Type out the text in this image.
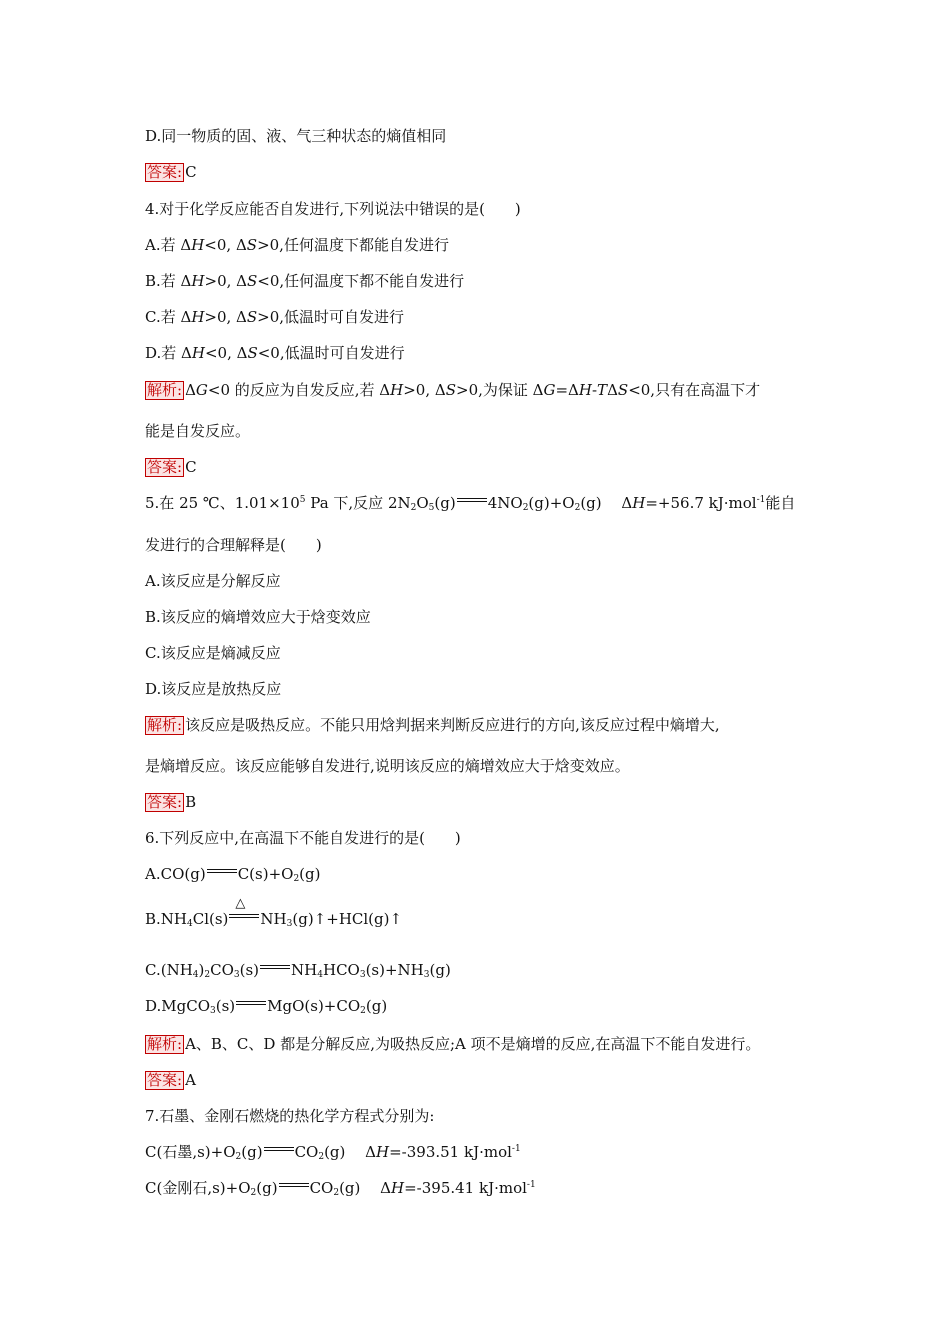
D.同一物质的固、液、气三种状态的熵值相同
答案: C
4.对于化学反应能否自发进行,下列说法中错误的是(　　)
A.若 ΔH<0, ΔS>0,任何温度下都能自发进行
B.若 ΔH>0, ΔS<0,任何温度下都不能自发进行
C.若 ΔH>0, ΔS>0,低温时可自发进行
D.若 ΔH<0, ΔS<0,低温时可自发进行
解析: ΔG<0 的反应为自发反应,若 ΔH>0, ΔS>0,为保证 ΔG=ΔH-TΔS<0,只有在高温下才
能是自发反应。
答案: C
5.在 25 ℃、$1.01\times 10^5$ Pa 下,反应 $2N_2O_5(g)$ $4NO_2(g)+O_2(g)$　 ΔH=+56.7 kJ·mol$^{-1}$能自
发进行的合理解释是(　　)
A.该反应是分解反应
B.该反应的熵增效应大于焓变效应
C.该反应是熵减反应
D.该反应是放热反应
解析: 该反应是吸热反应。不能只用焓判据来判断反应进行的方向,该反应过程中熵增大,
是熵增反应。该反应能够自发进行,说明该反应的熵增效应大于焓变效应。
答案: B
6.下列反应中,在高温下不能自发进行的是(　　)
A.CO(g) $C(s)+O_2(g)$
$B.NH_4Cl(s)$
△
$NH_3(g)↑+HCl(g)↑$
$C.(NH_4)_2CO_3(s)$ $NH_4HCO_3(s)+NH_3(g)$
D.MgCO$_3$(s) $MgO(s)+CO_2(g)$
解析: A、B、C、D 都是分解反应,为吸热反应;A 项不是熵增的反应,在高温下不能自发进行。
答案: A
7.石墨、金刚石燃烧的热化学方程式分别为:
C(石墨$,s)+O_2(g)$ $CO_2(g)$　 ΔH=-393.51 kJ·mol$^{-1}$
C(金刚石$,s)+O_2(g)$ $CO_2(g)$　 ΔH=-395.41 kJ·mol$^{-1}$
